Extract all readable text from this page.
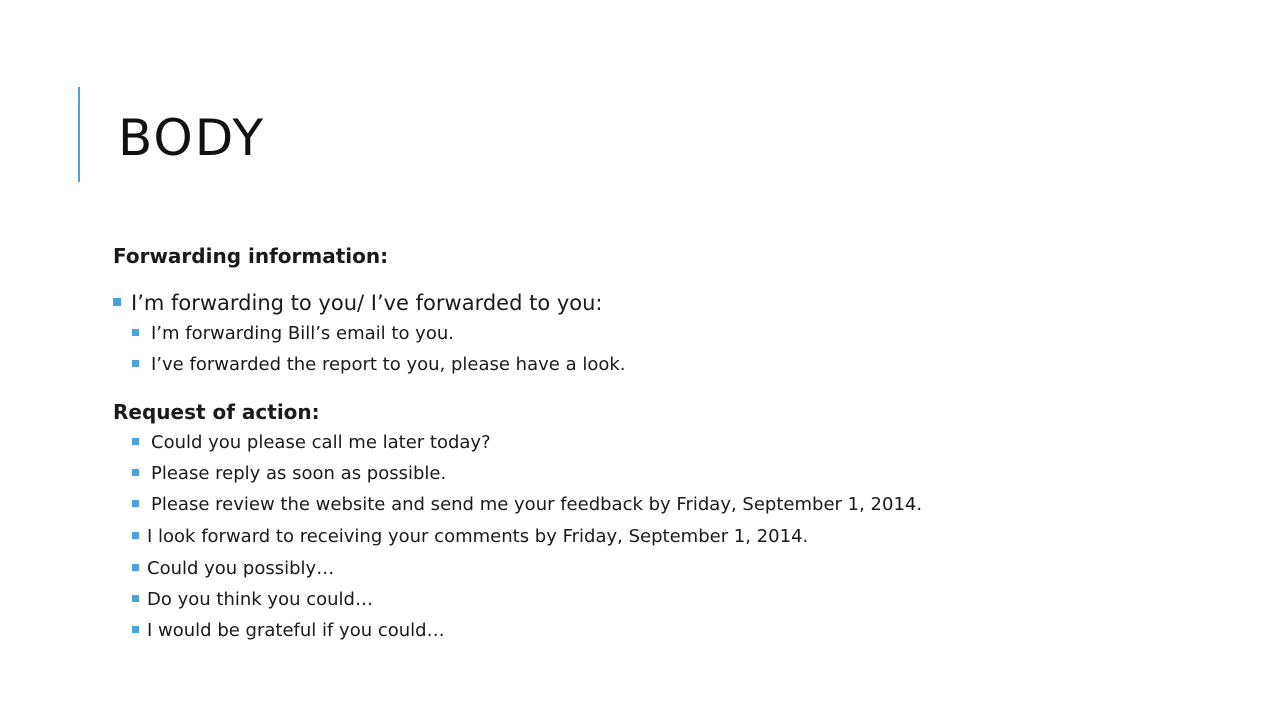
BODY
Forwarding information:
I’m forwarding to you/ I’ve forwarded to you:
I’m forwarding Bill’s email to you.
I’ve forwarded the report to you, please have a look.
Request of action:
Could you please call me later today?
Please reply as soon as possible.
Please review the website and send me your feedback by Friday, September 1, 2014.
I look forward to receiving your comments by Friday, September 1, 2014.
Could you possibly…
Do you think you could…
I would be grateful if you could…
